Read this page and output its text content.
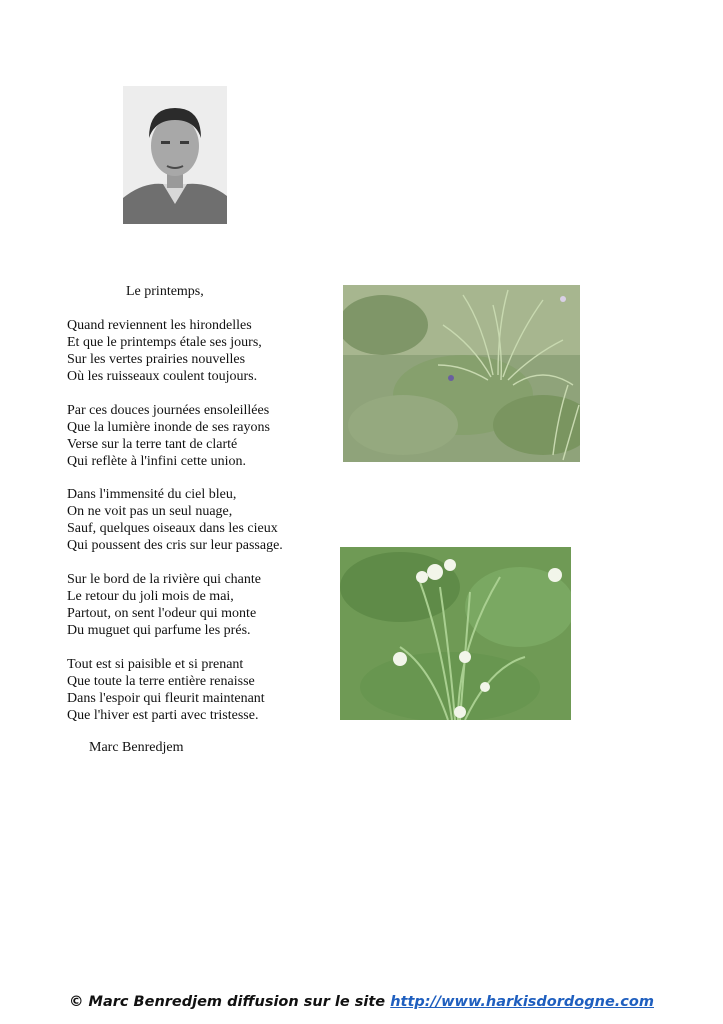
Le printemps,
Quand reviennent les hirondelles
Et que le printemps étale ses jours,
Sur les vertes prairies nouvelles
Où les ruisseaux coulent toujours.
Par ces douces journées ensoleillées
Que la lumière inonde de ses rayons
Verse sur la terre tant de clarté
Qui reflète à l'infini cette union.
Dans l'immensité du ciel bleu,
On ne voit pas un seul nuage,
Sauf, quelques oiseaux dans les cieux
Qui poussent des cris sur leur passage.
Sur le bord de la rivière qui chante
Le retour du joli mois de mai,
Partout, on sent l'odeur qui monte
Du muguet qui parfume les prés.
Tout est si paisible et si prenant
Que toute la terre entière renaisse
Dans l'espoir qui fleurit maintenant
Que l'hiver est parti avec tristesse.
Marc Benredjem
© Marc Benredjem diffusion sur le site http://www.harkisdordogne.com
